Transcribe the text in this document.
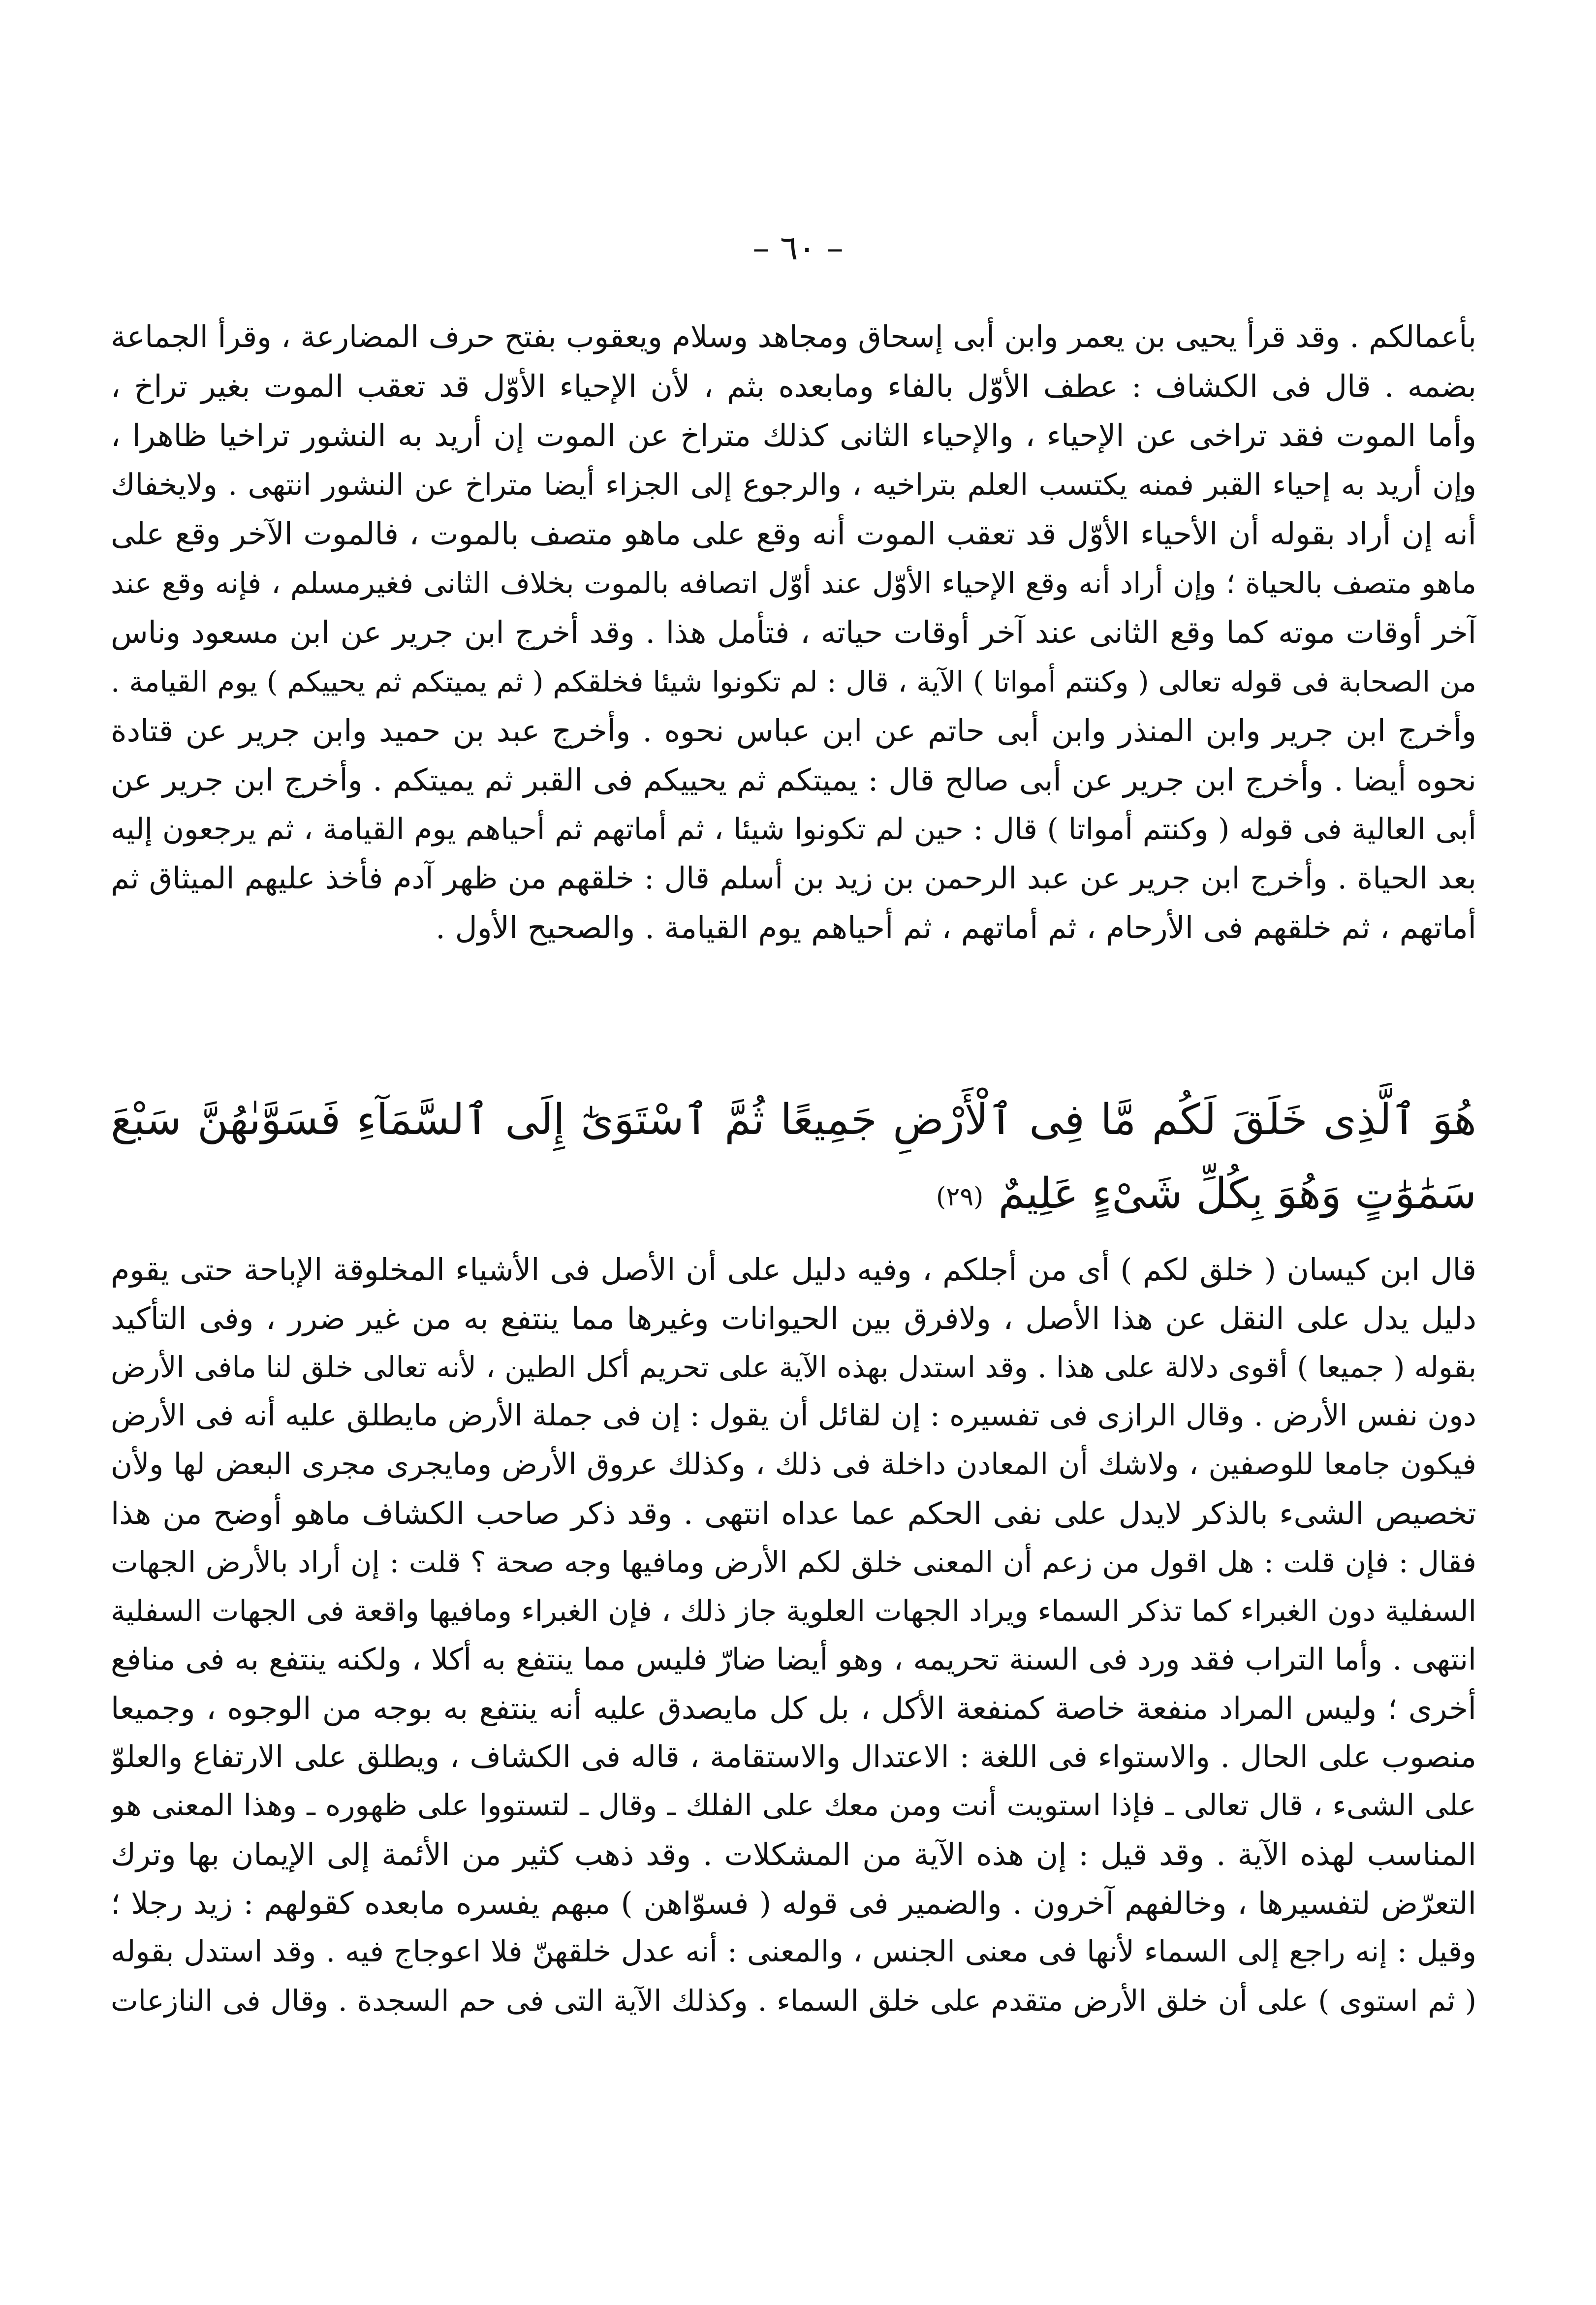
– ٦٠ –
بأعمالكم . وقد قرأ يحيى بن يعمر وابن أبى إسحاق ومجاهد وسلام ويعقوب بفتح حرف المضارعة ، وقرأ الجماعة
بضمه . قال فى الكشاف : عطف الأوّل بالفاء ومابعده بثم ، لأن الإحياء الأوّل قد تعقب الموت بغير تراخ ،
وأما الموت فقد تراخى عن الإحياء ، والإحياء الثانى كذلك متراخ عن الموت إن أريد به النشور تراخيا ظاهرا ،
وإن أريد به إحياء القبر فمنه يكتسب العلم بتراخيه ، والرجوع إلى الجزاء أيضا متراخ عن النشور انتهى . ولايخفاك
أنه إن أراد بقوله أن الأحياء الأوّل قد تعقب الموت أنه وقع على ماهو متصف بالموت ، فالموت الآخر وقع على
ماهو متصف بالحياة ؛ وإن أراد أنه وقع الإحياء الأوّل عند أوّل اتصافه بالموت بخلاف الثانى فغيرمسلم ، فإنه وقع عند
آخر أوقات موته كما وقع الثانى عند آخر أوقات حياته ، فتأمل هذا . وقد أخرج ابن جرير عن ابن مسعود وناس
من الصحابة فى قوله تعالى ( وكنتم أمواتا ) الآية ، قال : لم تكونوا شيئا فخلقكم ( ثم يميتكم ثم يحييكم ) يوم القيامة .
وأخرج ابن جرير وابن المنذر وابن أبى حاتم عن ابن عباس نحوه . وأخرج عبد بن حميد وابن جرير عن قتادة
نحوه أيضا . وأخرج ابن جرير عن أبى صالح قال : يميتكم ثم يحييكم فى القبر ثم يميتكم . وأخرج ابن جرير عن
أبى العالية فى قوله ( وكنتم أمواتا ) قال : حين لم تكونوا شيئا ، ثم أماتهم ثم أحياهم يوم القيامة ، ثم يرجعون إليه
بعد الحياة . وأخرج ابن جرير عن عبد الرحمن بن زيد بن أسلم قال : خلقهم من ظهر آدم فأخذ عليهم الميثاق ثم
أماتهم ، ثم خلقهم فى الأرحام ، ثم أماتهم ، ثم أحياهم يوم القيامة . والصحيح الأول .
هُوَ ٱلَّذِى خَلَقَ لَكُم مَّا فِى ٱلْأَرْضِ جَمِيعًا ثُمَّ ٱسْتَوَىٰٓ إِلَى ٱلسَّمَآءِ فَسَوَّىٰهُنَّ سَبْعَ
سَمَٰوَٰتٍ وَهُوَ بِكُلِّ شَىْءٍ عَلِيمٌ(٢٩)
قال ابن كيسان ( خلق لكم ) أى من أجلكم ، وفيه دليل على أن الأصل فى الأشياء المخلوقة الإباحة حتى يقوم
دليل يدل على النقل عن هذا الأصل ، ولافرق بين الحيوانات وغيرها مما ينتفع به من غير ضرر ، وفى التأكيد
بقوله ( جميعا ) أقوى دلالة على هذا . وقد استدل بهذه الآية على تحريم أكل الطين ، لأنه تعالى خلق لنا مافى الأرض
دون نفس الأرض . وقال الرازى فى تفسيره : إن لقائل أن يقول : إن فى جملة الأرض مايطلق عليه أنه فى الأرض
فيكون جامعا للوصفين ، ولاشك أن المعادن داخلة فى ذلك ، وكذلك عروق الأرض ومايجرى مجرى البعض لها ولأن
تخصيص الشىء بالذكر لايدل على نفى الحكم عما عداه انتهى . وقد ذكر صاحب الكشاف ماهو أوضح من هذا
فقال : فإن قلت : هل اقول من زعم أن المعنى خلق لكم الأرض ومافيها وجه صحة ؟ قلت : إن أراد بالأرض الجهات
السفلية دون الغبراء كما تذكر السماء ويراد الجهات العلوية جاز ذلك ، فإن الغبراء ومافيها واقعة فى الجهات السفلية
انتهى . وأما التراب فقد ورد فى السنة تحريمه ، وهو أيضا ضارّ فليس مما ينتفع به أكلا ، ولكنه ينتفع به فى منافع
أخرى ؛ وليس المراد منفعة خاصة كمنفعة الأكل ، بل كل مايصدق عليه أنه ينتفع به بوجه من الوجوه ، وجميعا
منصوب على الحال . والاستواء فى اللغة : الاعتدال والاستقامة ، قاله فى الكشاف ، ويطلق على الارتفاع والعلوّ
على الشىء ، قال تعالى ـ فإذا استويت أنت ومن معك على الفلك ـ وقال ـ لتستووا على ظهوره ـ وهذا المعنى هو
المناسب لهذه الآية . وقد قيل : إن هذه الآية من المشكلات . وقد ذهب كثير من الأئمة إلى الإيمان بها وترك
التعرّض لتفسيرها ، وخالفهم آخرون . والضمير فى قوله ( فسوّاهن ) مبهم يفسره مابعده كقولهم : زيد رجلا ؛
وقيل : إنه راجع إلى السماء لأنها فى معنى الجنس ، والمعنى : أنه عدل خلقهنّ فلا اعوجاج فيه . وقد استدل بقوله
( ثم استوى ) على أن خلق الأرض متقدم على خلق السماء . وكذلك الآية التى فى حم السجدة . وقال فى النازعات
